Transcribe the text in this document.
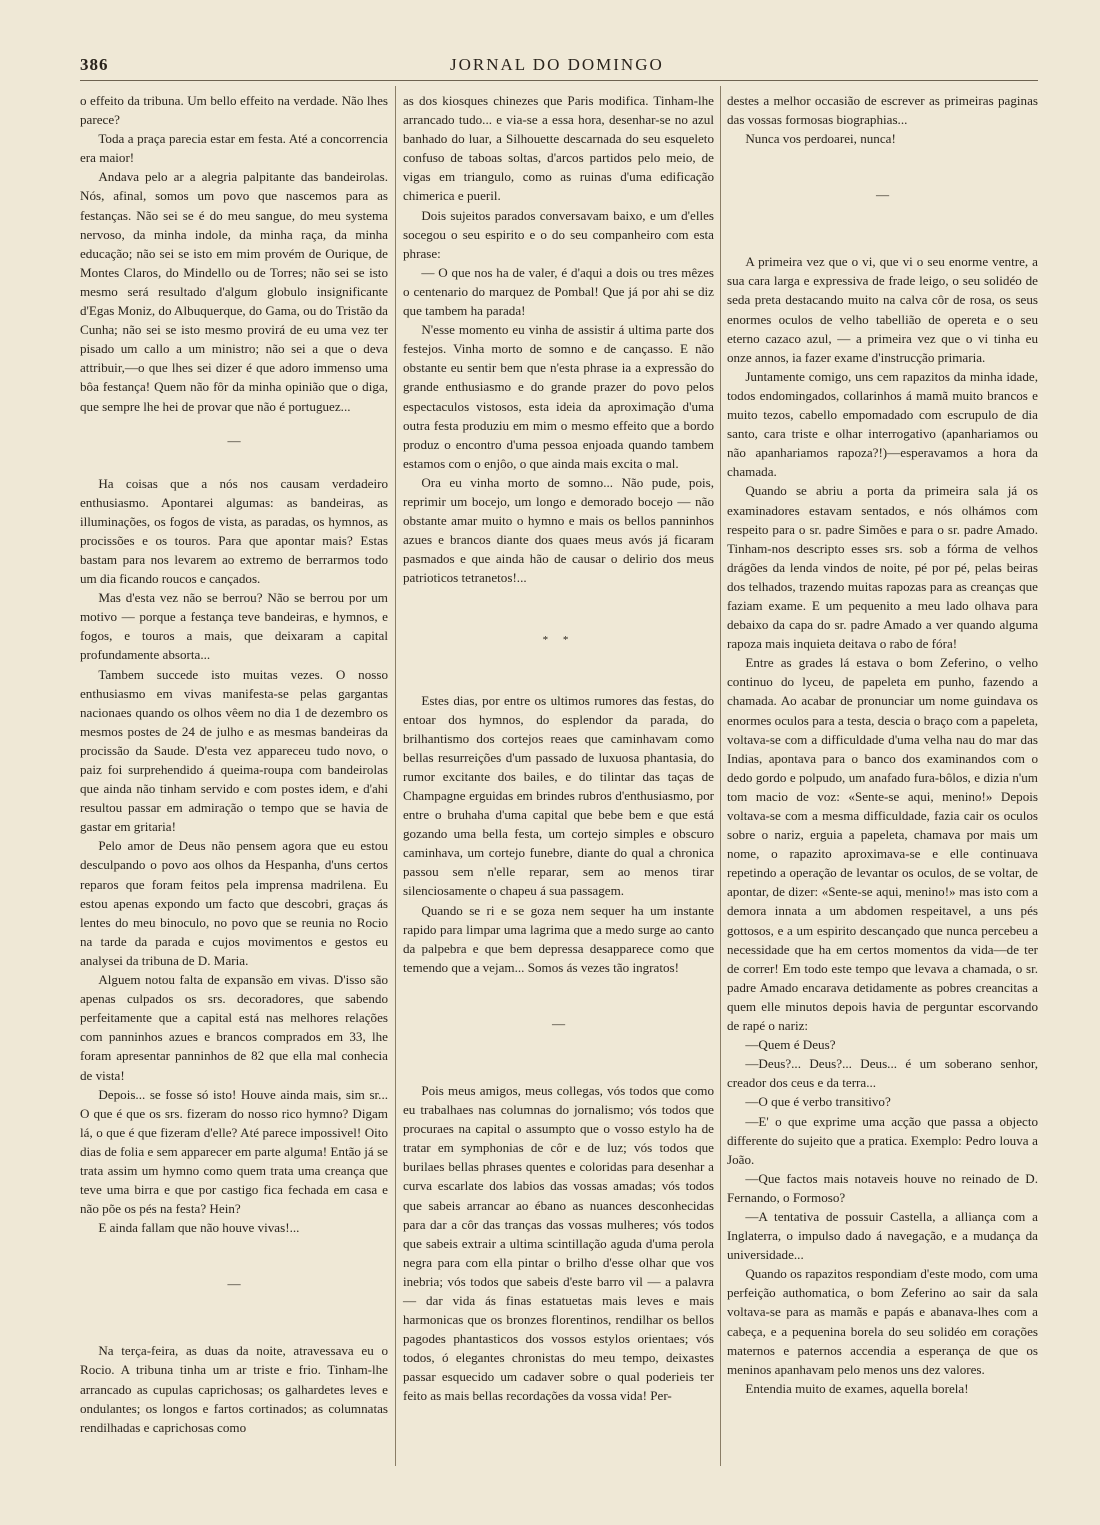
386	JORNAL DO DOMINGO

o effeito da tribuna. Um bello effeito na verdade. Não lhes parece?

Toda a praça parecia estar em festa. Até a concorrencia era maior!

Andava pelo ar a alegria palpitante das bandeirolas. Nós, afinal, somos um povo que nascemos para as festanças. Não sei se é do meu sangue, do meu systema nervoso, da minha indole, da minha raça, da minha educação; não sei se isto em mim provém de Ourique, de Montes Claros, do Mindello ou de Torres; não sei se isto mesmo será resultado d'algum globulo insignificante d'Egas Moniz, do Albuquerque, do Gama, ou do Tristão da Cunha; não sei se isto mesmo provirá de eu uma vez ter pisado um callo a um ministro; não sei a que o deva attribuir,—o que lhes sei dizer é que adoro immenso uma bôa festança! Quem não fôr da minha opinião que o diga, que sempre lhe hei de provar que não é portuguez...

—

Ha coisas que a nós nos causam verdadeiro enthusiasmo. Apontarei algumas: as bandeiras, as illuminações, os fogos de vista, as paradas, os hymnos, as procissões e os touros. Para que apontar mais? Estas bastam para nos levarem ao extremo de berrarmos todo um dia ficando roucos e cançados.

Mas d'esta vez não se berrou? Não se berrou por um motivo — porque a festança teve bandeiras, e hymnos, e fogos, e touros a mais, que deixaram a capital profundamente absorta...

Tambem succede isto muitas vezes. O nosso enthusiasmo em vivas manifesta-se pelas gargantas nacionaes quando os olhos vêem no dia 1 de dezembro os mesmos postes de 24 de julho e as mesmas bandeiras da procissão da Saude. D'esta vez appareceu tudo novo, o paiz foi surprehendido á queima-roupa com bandeirolas que ainda não tinham servido e com postes idem, e d'ahi resultou passar em admiração o tempo que se havia de gastar em gritaria!

Pelo amor de Deus não pensem agora que eu estou desculpando o povo aos olhos da Hespanha, d'uns certos reparos que foram feitos pela imprensa madrilena. Eu estou apenas expondo um facto que descobri, graças ás lentes do meu binoculo, no povo que se reunia no Rocio na tarde da parada e cujos movimentos e gestos eu analysei da tribuna de D. Maria.

Alguem notou falta de expansão em vivas. D'isso são apenas culpados os srs. decoradores, que sabendo perfeitamente que a capital está nas melhores relações com panninhos azues e brancos comprados em 33, lhe foram apresentar panninhos de 82 que ella mal conhecia de vista!

Depois... se fosse só isto! Houve ainda mais, sim sr... O que é que os srs. fizeram do nosso rico hymno? Digam lá, o que é que fizeram d'elle? Até parece impossivel! Oito dias de folia e sem apparecer em parte alguma! Então já se trata assim um hymno como quem trata uma creança que teve uma birra e que por castigo fica fechada em casa e não põe os pés na festa? Hein?

E ainda fallam que não houve vivas!...

—

Na terça-feira, as duas da noite, atravessava eu o Rocio. A tribuna tinha um ar triste e frio. Tinham-lhe arrancado as cupulas caprichosas; os galhardetes leves e ondulantes; os longos e fartos cortinados; as columnatas rendilhadas e caprichosas como

as dos kiosques chinezes que Paris modifica. Tinham-lhe arrancado tudo... e via-se a essa hora, desenhar-se no azul banhado do luar, a Silhouette descarnada do seu esqueleto confuso de taboas soltas, d'arcos partidos pelo meio, de vigas em triangulo, como as ruinas d'uma edificação chimerica e pueril.

Dois sujeitos parados conversavam baixo, e um d'elles socegou o seu espirito e o do seu companheiro com esta phrase:

— O que nos ha de valer, é d'aqui a dois ou tres mêzes o centenario do marquez de Pombal! Que já por ahi se diz que tambem ha parada!

N'esse momento eu vinha de assistir á ultima parte dos festejos. Vinha morto de somno e de cançasso. E não obstante eu sentir bem que n'esta phrase ia a expressão do grande enthusiasmo e do grande prazer do povo pelos espectaculos vistosos, esta ideia da aproximação d'uma outra festa produziu em mim o mesmo effeito que a bordo produz o encontro d'uma pessoa enjoada quando tambem estamos com o enjôo, o que ainda mais excita o mal.

Ora eu vinha morto de somno... Não pude, pois, reprimir um bocejo, um longo e demorado bocejo — não obstante amar muito o hymno e mais os bellos panninhos azues e brancos diante dos quaes meus avós já ficaram pasmados e que ainda hão de causar o delirio dos meus patrioticos tetranetos!...

* *

Estes dias, por entre os ultimos rumores das festas, do entoar dos hymnos, do esplendor da parada, do brilhantismo dos cortejos reaes que caminhavam como bellas resurreições d'um passado de luxuosa phantasia, do rumor excitante dos bailes, e do tilintar das taças de Champagne erguidas em brindes rubros d'enthusiasmo, por entre o bruhaha d'uma capital que bebe bem e que está gozando uma bella festa, um cortejo simples e obscuro caminhava, um cortejo funebre, diante do qual a chronica passou sem n'elle reparar, sem ao menos tirar silenciosamente o chapeu á sua passagem.

Quando se ri e se goza nem sequer ha um instante rapido para limpar uma lagrima que a medo surge ao canto da palpebra e que bem depressa desapparece como que temendo que a vejam... Somos ás vezes tão ingratos!

—

Pois meus amigos, meus collegas, vós todos que como eu trabalhaes nas columnas do jornalismo; vós todos que procuraes na capital o assumpto que o vosso estylo ha de tratar em symphonias de côr e de luz; vós todos que burilaes bellas phrases quentes e coloridas para desenhar a curva escarlate dos labios das vossas amadas; vós todos que sabeis arrancar ao ébano as nuances desconhecidas para dar a côr das tranças das vossas mulheres; vós todos que sabeis extrair a ultima scintillação aguda d'uma perola negra para com ella pintar o brilho d'esse olhar que vos inebria; vós todos que sabeis d'este barro vil — a palavra — dar vida ás finas estatuetas mais leves e mais harmonicas que os bronzes florentinos, rendilhar os bellos pagodes phantasticos dos vossos estylos orientaes; vós todos, ó elegantes chronistas do meu tempo, deixastes passar esquecido um cadaver sobre o qual poderieis ter feito as mais bellas recordações da vossa vida! Per-

destes a melhor occasião de escrever as primeiras paginas das vossas formosas biographias...

Nunca vos perdoarei, nunca!

—

A primeira vez que o vi, que vi o seu enorme ventre, a sua cara larga e expressiva de frade leigo, o seu solidéo de seda preta destacando muito na calva côr de rosa, os seus enormes oculos de velho tabellião de opereta e o seu eterno cazaco azul, — a primeira vez que o vi tinha eu onze annos, ia fazer exame d'instrucção primaria.

Juntamente comigo, uns cem rapazitos da minha idade, todos endomingados, collarinhos á mamã muito brancos e muito tezos, cabello empomadado com escrupulo de dia santo, cara triste e olhar interrogativo (apanhariamos ou não apanhariamos rapoza?!)—esperavamos a hora da chamada.

Quando se abriu a porta da primeira sala já os examinadores estavam sentados, e nós olhámos com respeito para o sr. padre Simões e para o sr. padre Amado. Tinham-nos descripto esses srs. sob a fórma de velhos drágões da lenda vindos de noite, pé por pé, pelas beiras dos telhados, trazendo muitas rapozas para as creanças que faziam exame. E um pequenito a meu lado olhava para debaixo da capa do sr. padre Amado a ver quando alguma rapoza mais inquieta deitava o rabo de fóra!

Entre as grades lá estava o bom Zeferino, o velho continuo do lyceu, de papeleta em punho, fazendo a chamada. Ao acabar de pronunciar um nome guindava os enormes oculos para a testa, descia o braço com a papeleta, voltava-se com a difficuldade d'uma velha nau do mar das Indias, apontava para o banco dos examinandos com o dedo gordo e polpudo, um anafado fura-bôlos, e dizia n'um tom macio de voz: «Sente-se aqui, menino!» Depois voltava-se com a mesma difficuldade, fazia cair os oculos sobre o nariz, erguia a papeleta, chamava por mais um nome, o rapazito aproximava-se e elle continuava repetindo a operação de levantar os oculos, de se voltar, de apontar, de dizer: «Sente-se aqui, menino!» mas isto com a demora innata a um abdomen respeitavel, a uns pés gottosos, e a um espirito descançado que nunca percebeu a necessidade que ha em certos momentos da vida—de ter de correr! Em todo este tempo que levava a chamada, o sr. padre Amado encarava detidamente as pobres creancitas a quem elle minutos depois havia de perguntar escorvando de rapé o nariz:

—Quem é Deus?

—Deus?... Deus?... Deus... é um soberano senhor, creador dos ceus e da terra...

—O que é verbo transitivo?

—E' o que exprime uma acção que passa a objecto differente do sujeito que a pratica. Exemplo: Pedro louva a João.

—Que factos mais notaveis houve no reinado de D. Fernando, o Formoso?

—A tentativa de possuir Castella, a alliança com a Inglaterra, o impulso dado á navegação, e a mudança da universidade...

Quando os rapazitos respondiam d'este modo, com uma perfeição authomatica, o bom Zeferino ao sair da sala voltava-se para as mamãs e papás e abanava-lhes com a cabeça, e a pequenina borela do seu solidéo em corações maternos e paternos accendia a esperança de que os meninos apanhavam pelo menos uns dez valores.

Entendia muito de exames, aquella borela!
